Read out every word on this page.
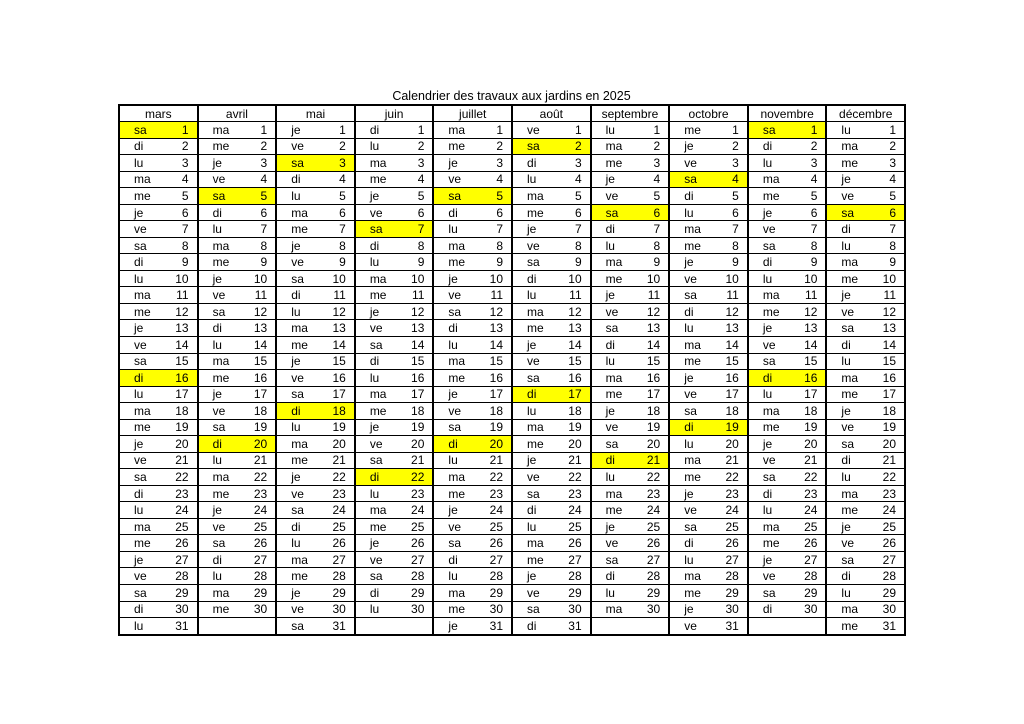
Calendrier des travaux aux jardins en 2025
mars		avril		mai		juin		juillet		août		septembre		octobre		novembre		décembre	
sa	1	ma	1	je	1	di	1	ma	1	ve	1	lu	1	me	1	sa	1	lu	1
di	2	me	2	ve	2	lu	2	me	2	sa	2	ma	2	je	2	di	2	ma	2
lu	3	je	3	sa	3	ma	3	je	3	di	3	me	3	ve	3	lu	3	me	3
ma	4	ve	4	di	4	me	4	ve	4	lu	4	je	4	sa	4	ma	4	je	4
me	5	sa	5	lu	5	je	5	sa	5	ma	5	ve	5	di	5	me	5	ve	5
je	6	di	6	ma	6	ve	6	di	6	me	6	sa	6	lu	6	je	6	sa	6
ve	7	lu	7	me	7	sa	7	lu	7	je	7	di	7	ma	7	ve	7	di	7
sa	8	ma	8	je	8	di	8	ma	8	ve	8	lu	8	me	8	sa	8	lu	8
di	9	me	9	ve	9	lu	9	me	9	sa	9	ma	9	je	9	di	9	ma	9
lu	10	je	10	sa	10	ma	10	je	10	di	10	me	10	ve	10	lu	10	me	10
ma	11	ve	11	di	11	me	11	ve	11	lu	11	je	11	sa	11	ma	11	je	11
me	12	sa	12	lu	12	je	12	sa	12	ma	12	ve	12	di	12	me	12	ve	12
je	13	di	13	ma	13	ve	13	di	13	me	13	sa	13	lu	13	je	13	sa	13
ve	14	lu	14	me	14	sa	14	lu	14	je	14	di	14	ma	14	ve	14	di	14
sa	15	ma	15	je	15	di	15	ma	15	ve	15	lu	15	me	15	sa	15	lu	15
di	16	me	16	ve	16	lu	16	me	16	sa	16	ma	16	je	16	di	16	ma	16
lu	17	je	17	sa	17	ma	17	je	17	di	17	me	17	ve	17	lu	17	me	17
ma	18	ve	18	di	18	me	18	ve	18	lu	18	je	18	sa	18	ma	18	je	18
me	19	sa	19	lu	19	je	19	sa	19	ma	19	ve	19	di	19	me	19	ve	19
je	20	di	20	ma	20	ve	20	di	20	me	20	sa	20	lu	20	je	20	sa	20
ve	21	lu	21	me	21	sa	21	lu	21	je	21	di	21	ma	21	ve	21	di	21
sa	22	ma	22	je	22	di	22	ma	22	ve	22	lu	22	me	22	sa	22	lu	22
di	23	me	23	ve	23	lu	23	me	23	sa	23	ma	23	je	23	di	23	ma	23
lu	24	je	24	sa	24	ma	24	je	24	di	24	me	24	ve	24	lu	24	me	24
ma	25	ve	25	di	25	me	25	ve	25	lu	25	je	25	sa	25	ma	25	je	25
me	26	sa	26	lu	26	je	26	sa	26	ma	26	ve	26	di	26	me	26	ve	26
je	27	di	27	ma	27	ve	27	di	27	me	27	sa	27	lu	27	je	27	sa	27
ve	28	lu	28	me	28	sa	28	lu	28	je	28	di	28	ma	28	ve	28	di	28
sa	29	ma	29	je	29	di	29	ma	29	ve	29	lu	29	me	29	sa	29	lu	29
di	30	me	30	ve	30	lu	30	me	30	sa	30	ma	30	je	30	di	30	ma	30
lu	31			sa	31			je	31	di	31			ve	31			me	31
